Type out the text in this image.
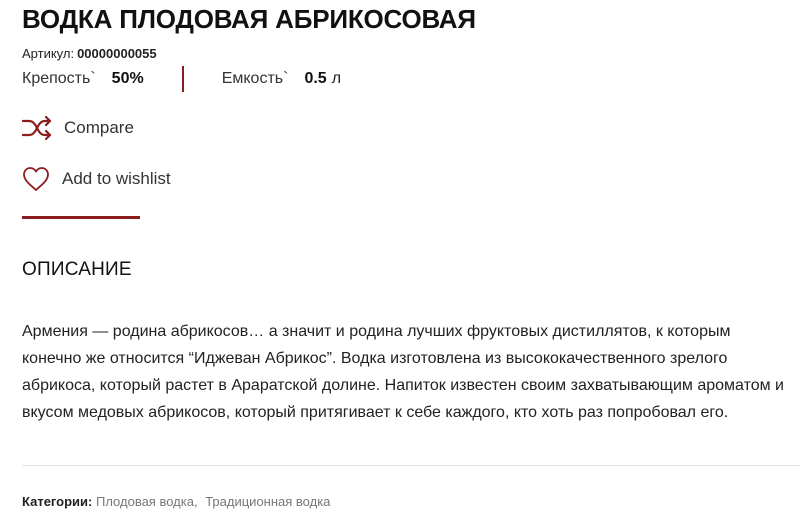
ВОДКА ПЛОДОВАЯ АБРИКОСОВАЯ
Артикул: 00000000055
Крепость` 50%	Емкость` 0.5 л
Compare
Add to wishlist
ОПИСАНИЕ

Армения — родина абрикосов… а значит и родина лучших фруктовых дистиллятов, к которым конечно же относится “Иджеван Абрикос”. Водка изготовлена из высококачественного зрелого абрикоса, который растет в Араратской долине. Напиток известен своим захватывающим ароматом и вкусом медовых абрикосов, который притягивает к себе каждого, кто хоть раз попробовал его.

Категории: Плодовая водка, Традиционная водка
